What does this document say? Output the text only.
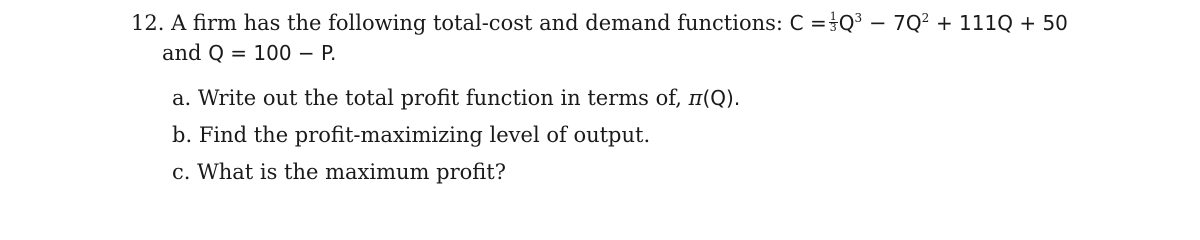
12. A firm has the following total-cost and demand functions: $C = \frac{1}{3} Q^3 - 7Q^2 + 111Q + 50$
and Q = 100 − P.
a. Write out the total profit function in terms of, π(Q).
b. Find the profit-maximizing level of output.
c. What is the maximum profit?
